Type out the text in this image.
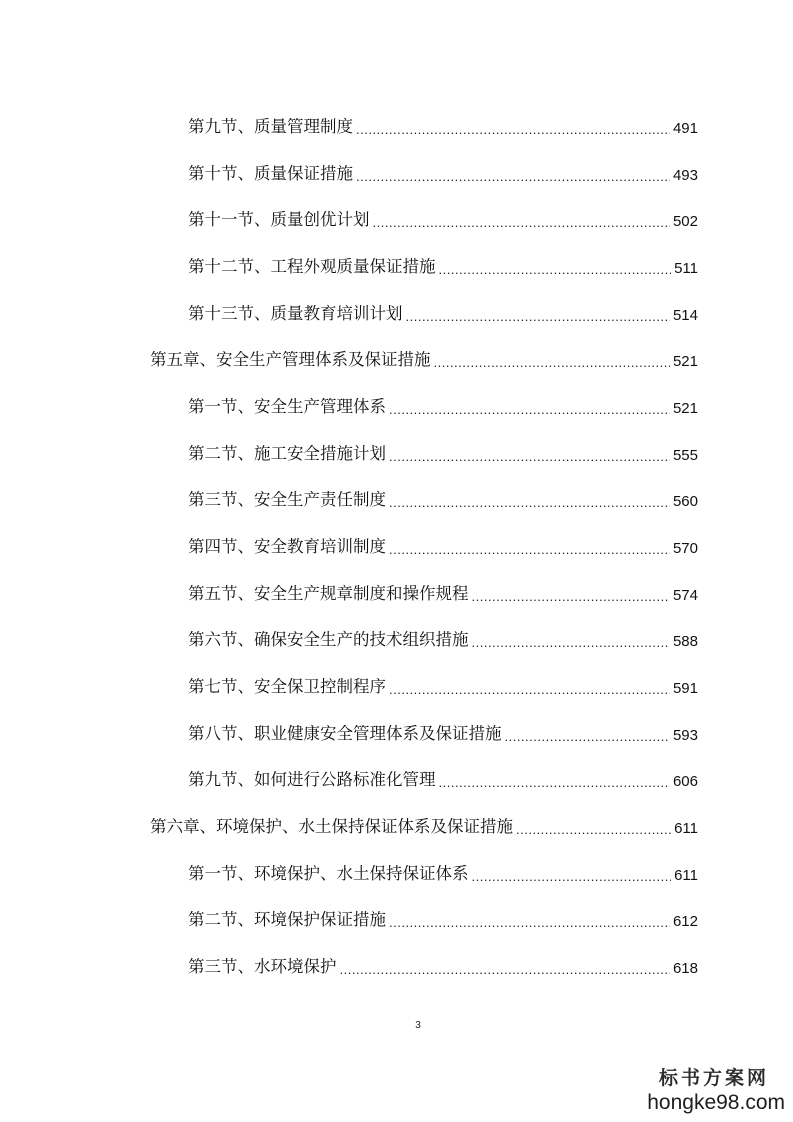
第九节、质量管理制度 .....	491
第十节、质量保证措施 .....	493
第十一节、质量创优计划 .....	502
第十二节、工程外观质量保证措施 .....	511
第十三节、质量教育培训计划 .....	514
第五章、安全生产管理体系及保证措施 .....	521
第一节、安全生产管理体系 .....	521
第二节、施工安全措施计划 .....	555
第三节、安全生产责任制度 .....	560
第四节、安全教育培训制度 .....	570
第五节、安全生产规章制度和操作规程 .....	574
第六节、确保安全生产的技术组织措施 .....	588
第七节、安全保卫控制程序 .....	591
第八节、职业健康安全管理体系及保证措施 .....	593
第九节、如何进行公路标准化管理 .....	606
第六章、环境保护、水土保持保证体系及保证措施 .....	611
第一节、环境保护、水土保持保证体系 .....	611
第二节、环境保护保证措施 .....	612
第三节、水环境保护 .....	618
3
标书方案网
hongke98.com
